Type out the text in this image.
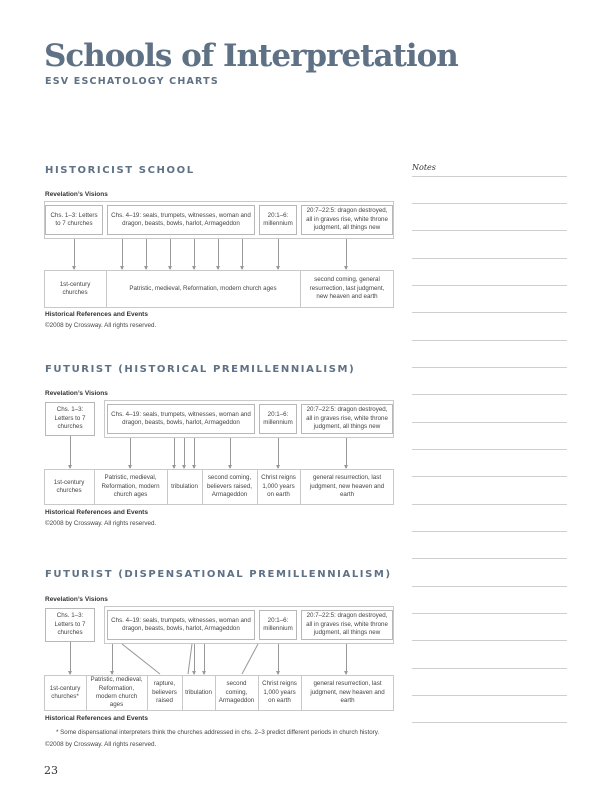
Schools of Interpretation
ESV ESCHATOLOGY CHARTS
Notes
HISTORICIST SCHOOL
Revelation’s Visions
Chs. 1–3: Letters to 7 churches
Chs. 4–19: seals, trumpets, witnesses, woman and dragon, beasts, bowls, harlot, Armageddon
20:1–6: millennium
20:7–22:5: dragon destroyed, all in graves rise, white throne judgment, all things new
1st-century churches
Patristic, medieval, Reformation, modern church ages
second coming, general resurrection, last judgment, new heaven and earth
Historical References and Events
©2008 by Crossway. All rights reserved.
FUTURIST (HISTORICAL PREMILLENNIALISM)
Revelation’s Visions
Chs. 1–3: Letters to 7 churches
Chs. 4–19: seals, trumpets, witnesses, woman and dragon, beasts, bowls, harlot, Armageddon
20:1–6: millennium
20:7–22:5: dragon destroyed, all in graves rise, white throne judgment, all things new
1st-century churches
Patristic, medieval, Reformation, modern church ages
tribulation
second coming, believers raised, Armageddon
Christ reigns 1,000 years on earth
general resurrection, last judgment, new heaven and earth
Historical References and Events
©2008 by Crossway. All rights reserved.
FUTURIST (DISPENSATIONAL PREMILLENNIALISM)
Revelation’s Visions
Chs. 1–3: Letters to 7 churches
Chs. 4–19: seals, trumpets, witnesses, woman and dragon, beasts, bowls, harlot, Armageddon
20:1–6: millennium
20:7–22:5: dragon destroyed, all in graves rise, white throne judgment, all things new
1st-century churches*
Patristic, medieval, Reformation, modern church ages
rapture, believers raised
tribulation
second coming, Armageddon
Christ reigns 1,000 years on earth
general resurrection, last judgment, new heaven and earth
Historical References and Events
* Some dispensational interpreters think the churches addressed in chs. 2–3 predict different periods in church history.
©2008 by Crossway. All rights reserved.
23
